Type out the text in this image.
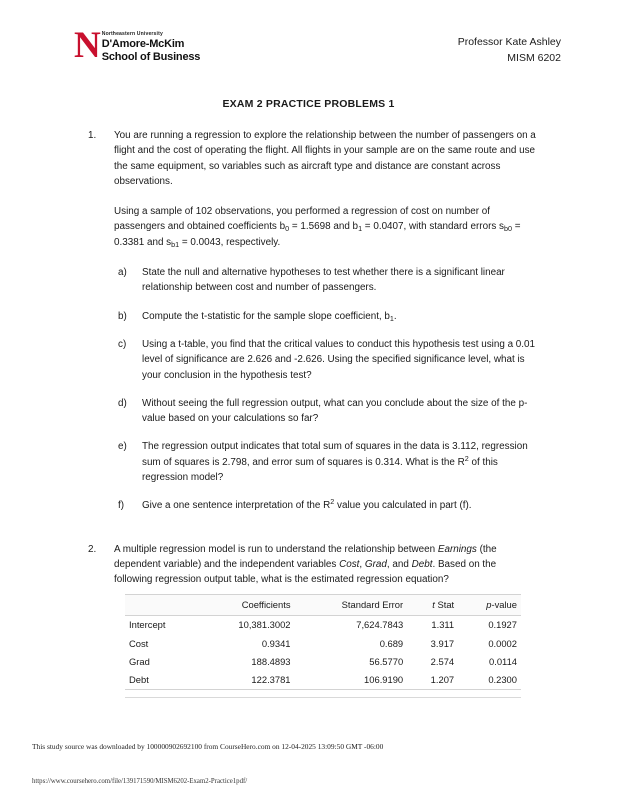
N Northeastern University
D'Amore-McKim
School of Business
Professor Kate Ashley
MISM 6202
EXAM 2 PRACTICE PROBLEMS 1
1.	You are running a regression to explore the relationship between the number of passengers on a flight and the cost of operating the flight. All flights in your sample are on the same route and use the same equipment, so variables such as aircraft type and distance are constant across observations.
Using a sample of 102 observations, you performed a regression of cost on number of passengers and obtained coefficients $b_0 = 1.5698$ and $b_1 = 0.0407$, with standard errors $s_{b0} = 0.3381$ and $s_{b1} = 0.0043$, respectively.
a)	State the null and alternative hypotheses to test whether there is a significant linear relationship between cost and number of passengers.
b)	Compute the t-statistic for the sample slope coefficient, $b_1$.
c)	Using a t-table, you find that the critical values to conduct this hypothesis test using a 0.01 level of significance are 2.626 and -2.626. Using the specified significance level, what is your conclusion in the hypothesis test?
d)	Without seeing the full regression output, what can you conclude about the size of the p-value based on your calculations so far?
e)	The regression output indicates that total sum of squares in the data is 3.112, regression sum of squares is 2.798, and error sum of squares is 0.314. What is the $R^2$ of this regression model?
f)	Give a one sentence interpretation of the $R^2$ value you calculated in part (f).
2.	A multiple regression model is run to understand the relationship between Earnings (the dependent variable) and the independent variables Cost, Grad, and Debt. Based on the following regression output table, what is the estimated regression equation?
	Coefficients	Standard Error	t Stat	p-value
Intercept	10,381.3002	7,624.7843	1.311	0.1927
Cost	0.9341	0.689	3.917	0.0002
Grad	188.4893	56.5770	2.574	0.0114
Debt	122.3781	106.9190	1.207	0.2300
This study source was downloaded by 100000902692100 from CourseHero.com on 12-04-2025 13:09:50 GMT -06:00
https://www.coursehero.com/file/139171590/MISM6202-Exam2-Practice1pdf/
